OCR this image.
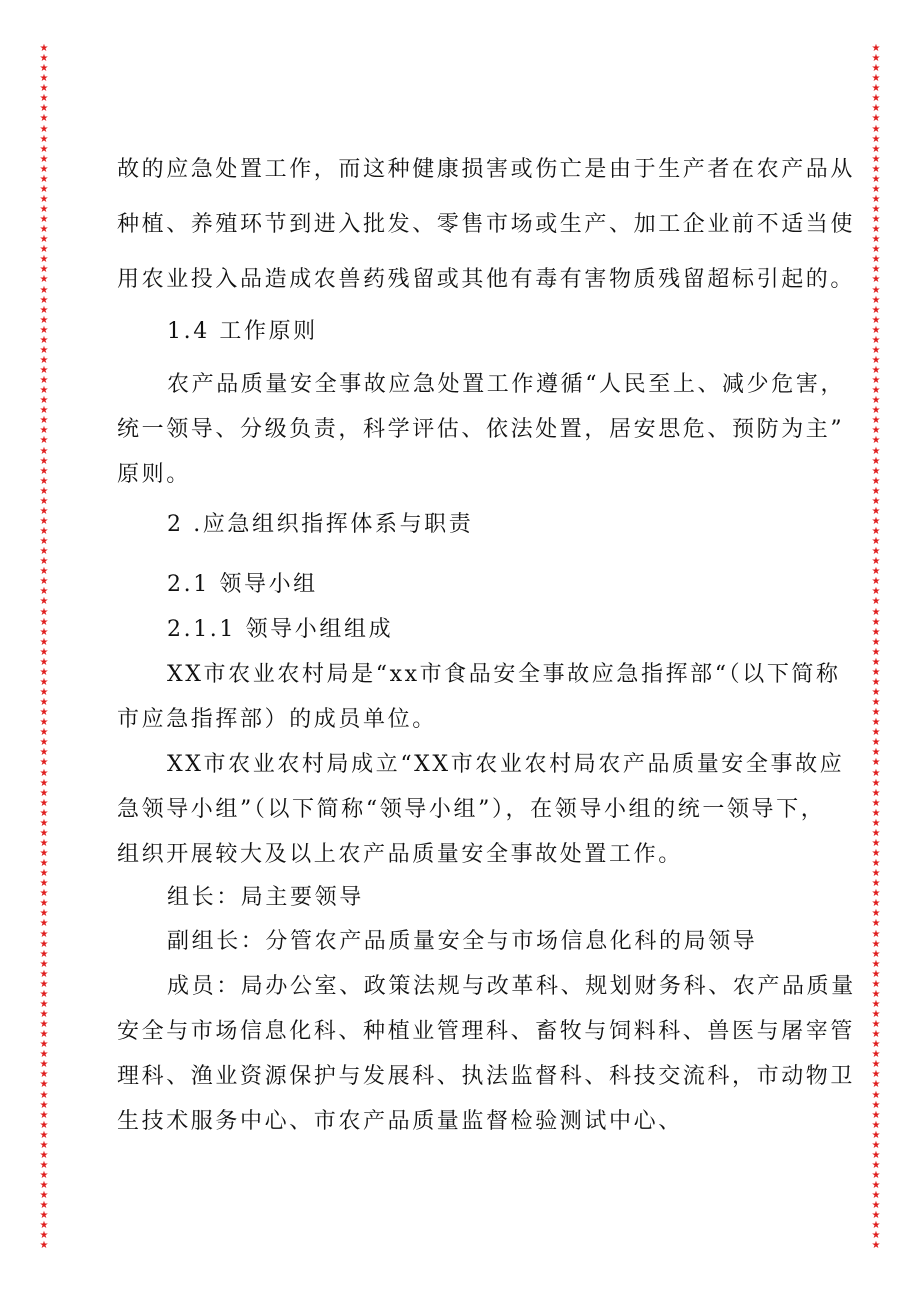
★
★
★
★
★
★
★
★
★
★
★
★
★
★
★
★
★
★
★
★
★
★
★
★
★
★
★
★
★
★
★
★
★
★
★
★
★
★
★
★
★
★
★
★
★
★
★
★
★
★
★
★
★
★
★
★
★
★
★
★
★
★
★
★
★
★
★
★
★
★
★
★
★
★
★
★
★
★
★
★
★
★
★
★
★
★
★
★
★
★
★
★
★
★
★
★
★
★
★
★
★
★
★
★
★
★
★
★
★
★
★
★
★
★
★
★
★
★
★
★
★
★
★
★
★
★
★
★
★
★
★
★
★
★
★
★
★
★
★
★
★
★
★
★
★
★
★
★
★
★
★
★
★
★
★
★
★
★
★
★
★
★
★
★
★
★
★
★
★
★
★
★
★
★
★
★
★
★
★
★
★
★
★
★
★
★
★
★
★
★
★
★
★
★
★
★
★
★
★
★
★
★
★
★
★
★
★
★
★
★
★
★
★
★
★
★
★
★
★
★
★
★
★
★
★
★
★
★
★
★
★
★
★
★
★
★
★
★
★
★
故的应急处置工作，而这种健康损害或伤亡是由于生产者在农产品从
种植、养殖环节到进入批发、零售市场或生产、加工企业前不适当使
用农业投入品造成农兽药残留或其他有毒有害物质残留超标引起的。
1.4 工作原则
农产品质量安全事故应急处置工作遵循“人民至上、减少危害，
统一领导、分级负责，科学评估、依法处置，居安思危、预防为主”
原则。
2 .应急组织指挥体系与职责
2.1 领导小组
2.1.1 领导小组组成
XX市农业农村局是“xx市食品安全事故应急指挥部“（以下简称
市应急指挥部）的成员单位。
XX市农业农村局成立“XX市农业农村局农产品质量安全事故应
急领导小组”（以下简称“领导小组”），在领导小组的统一领导下，
组织开展较大及以上农产品质量安全事故处置工作。
组长：局主要领导
副组长：分管农产品质量安全与市场信息化科的局领导
成员：局办公室、政策法规与改革科、规划财务科、农产品质量
安全与市场信息化科、种植业管理科、畜牧与饲料科、兽医与屠宰管
理科、渔业资源保护与发展科、执法监督科、科技交流科，市动物卫
生技术服务中心、市农产品质量监督检验测试中心、
